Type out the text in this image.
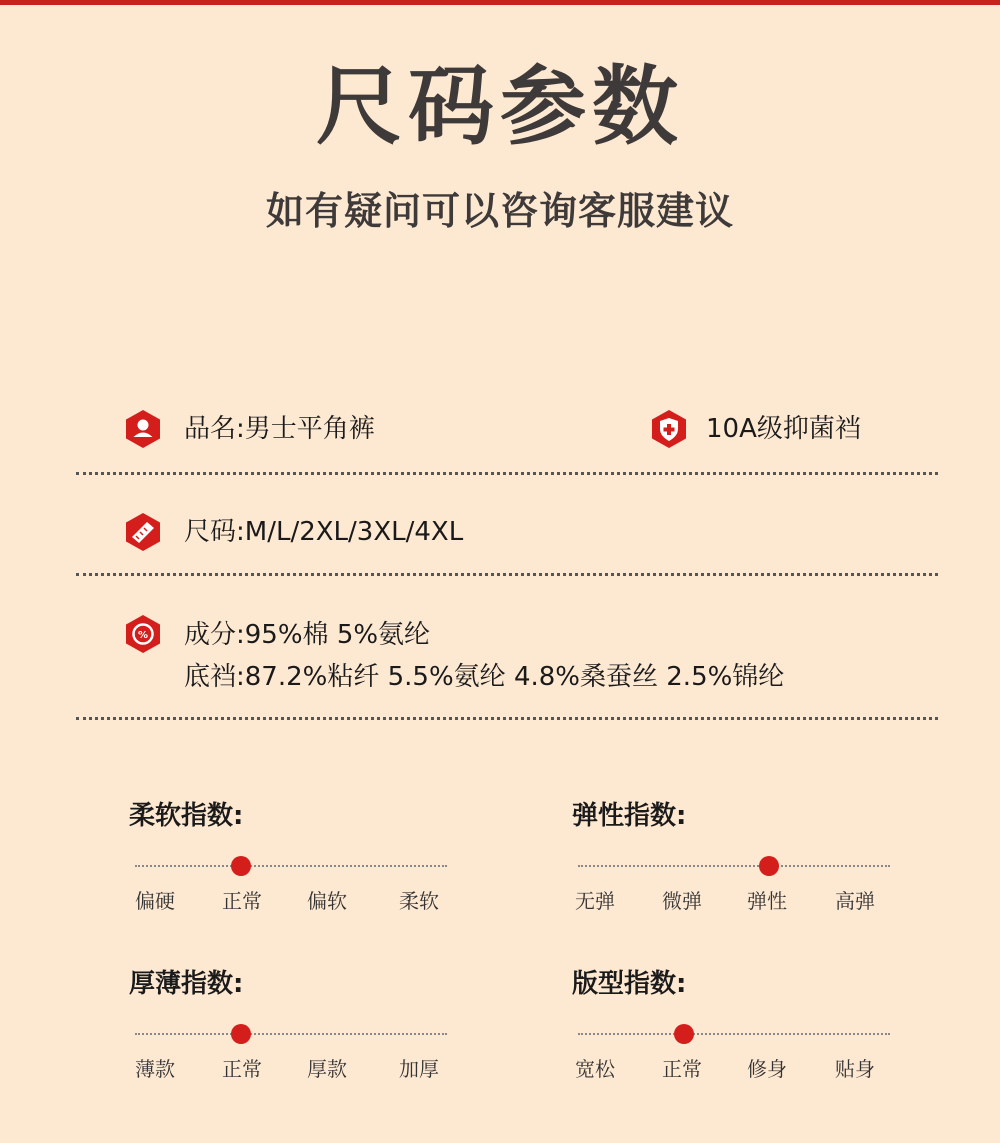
尺码参数
如有疑问可以咨询客服建议
品名:男士平角裤	10A级抑菌裆
尺码:M/L/2XL/3XL/4XL
% 成分:95%棉 5%氨纶
底裆:87.2%粘纤 5.5%氨纶 4.8%桑蚕丝 2.5%锦纶
柔软指数:
偏硬	正常	偏软	柔软
弹性指数:
无弹	微弹	弹性	高弹
厚薄指数:
薄款	正常	厚款	加厚
版型指数:
宽松	正常	修身	贴身
